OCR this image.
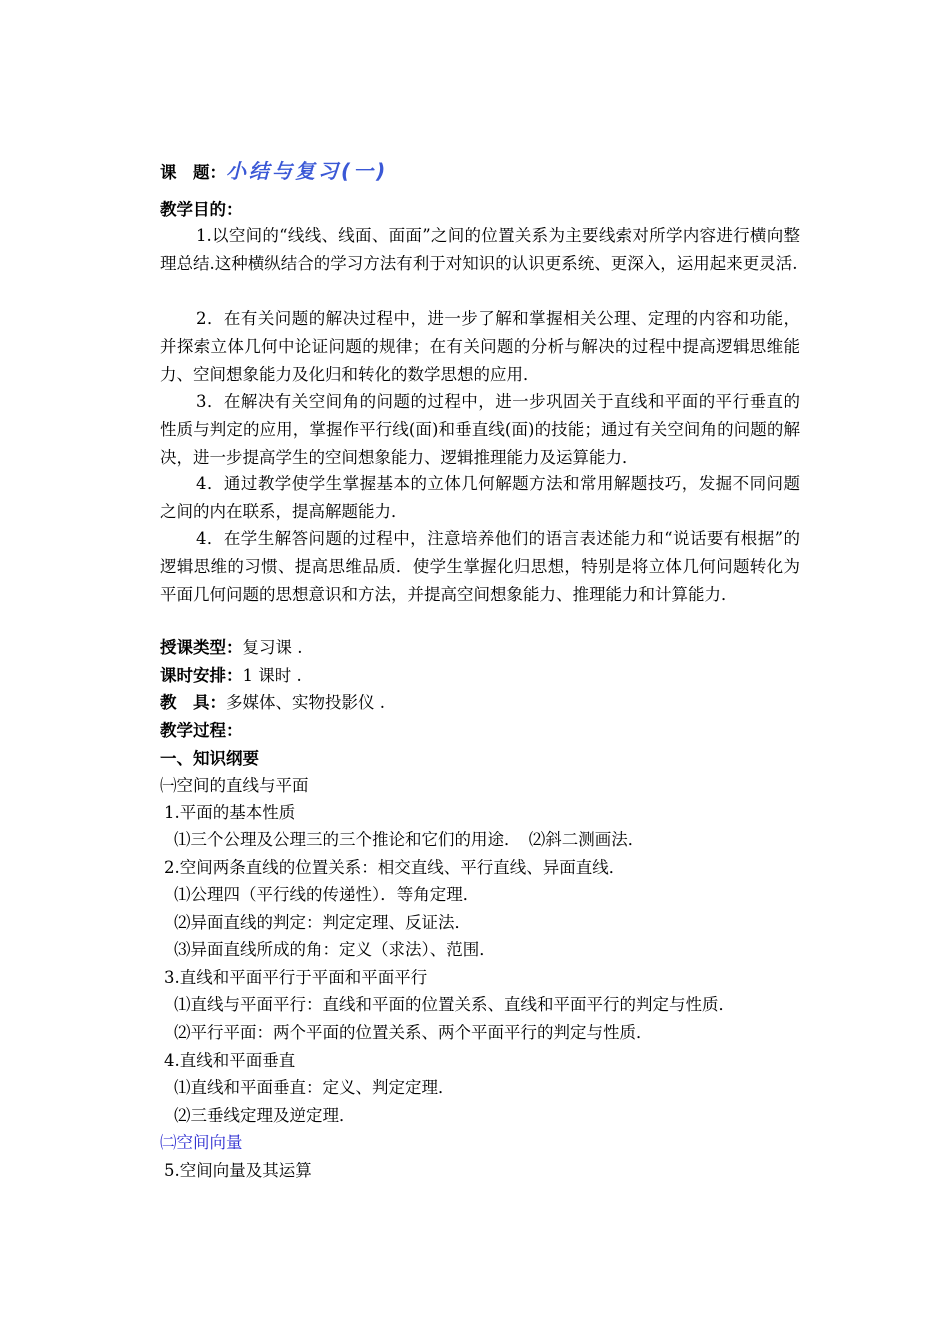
课　题：小结与复习(一)
教学目的：
1.以空间的“线线、线面、面面”之间的位置关系为主要线索对所学内容进行横向整理总结.这种横纵结合的学习方法有利于对知识的认识更系统、更深入，运用起来更灵活.
2．在有关问题的解决过程中，进一步了解和掌握相关公理、定理的内容和功能，并探索立体几何中论证问题的规律；在有关问题的分析与解决的过程中提高逻辑思维能力、空间想象能力及化归和转化的数学思想的应用．
3．在解决有关空间角的问题的过程中，进一步巩固关于直线和平面的平行垂直的性质与判定的应用，掌握作平行线(面)和垂直线(面)的技能；通过有关空间角的问题的解决，进一步提高学生的空间想象能力、逻辑推理能力及运算能力．
4．通过教学使学生掌握基本的立体几何解题方法和常用解题技巧，发掘不同问题之间的内在联系，提高解题能力．
4．在学生解答问题的过程中，注意培养他们的语言表述能力和“说话要有根据”的逻辑思维的习惯、提高思维品质．使学生掌握化归思想，特别是将立体几何问题转化为平面几何问题的思想意识和方法，并提高空间想象能力、推理能力和计算能力．
授课类型：复习课 .
课时安排：1 课时 .
教　具：多媒体、实物投影仪 .
教学过程：
一、知识纲要
㈠空间的直线与平面
1.平面的基本性质
⑴三个公理及公理三的三个推论和它们的用途．　⑵斜二测画法．
2.空间两条直线的位置关系：相交直线、平行直线、异面直线．
⑴公理四（平行线的传递性）．等角定理．
⑵异面直线的判定：判定定理、反证法．
⑶异面直线所成的角：定义（求法）、范围．
3.直线和平面平行于平面和平面平行
⑴直线与平面平行：直线和平面的位置关系、直线和平面平行的判定与性质．
⑵平行平面：两个平面的位置关系、两个平面平行的判定与性质．
4.直线和平面垂直
⑴直线和平面垂直：定义、判定定理．
⑵三垂线定理及逆定理．
㈡空间向量
5.空间向量及其运算
